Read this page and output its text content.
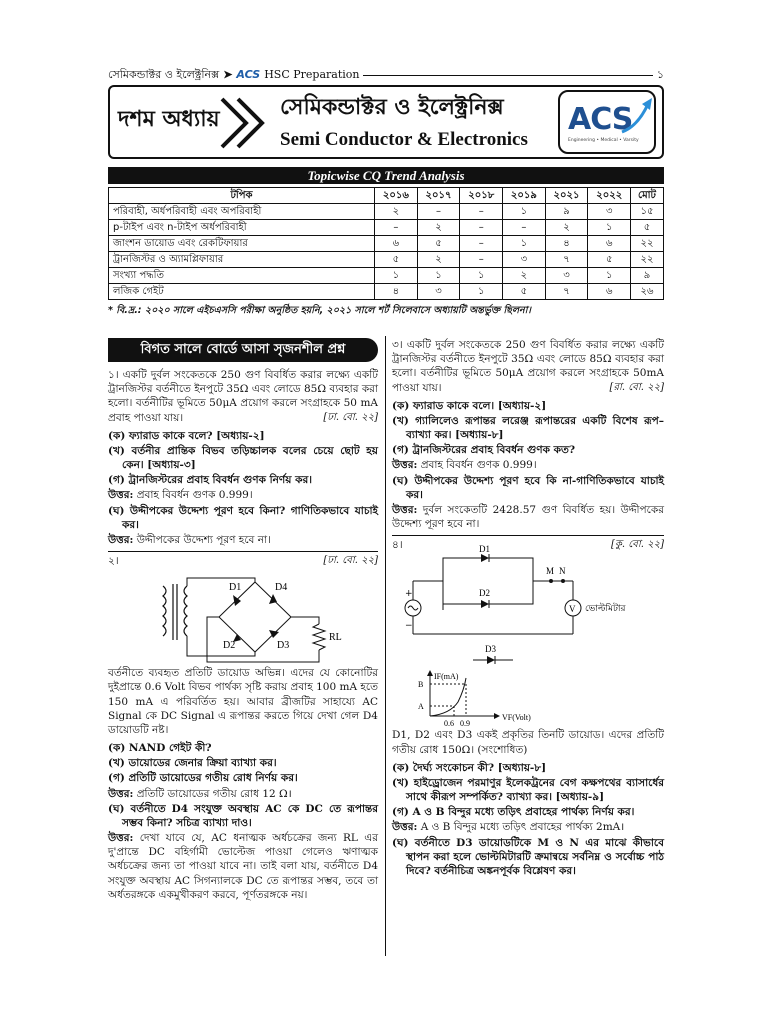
সেমিকন্ডাক্টর ও ইলেক্ট্রনিক্স ➤ ACS HSC Preparation	১
দশম অধ্যায়	সেমিকন্ডাক্টর ও ইলেক্ট্রনিক্স
Semi Conductor & Electronics
ACS
Engineering • Medical • Varsity
Topicwise CQ Trend Analysis
টপিক	২০১৬	২০১৭	২০১৮	২০১৯	২০২১	২০২২	মোট
পরিবাহী, অর্ধপরিবাহী এবং অপরিবাহী	২	–	–	১	৯	৩	১৫
p-টাইপ এবং n-টাইপ অর্ধপরিবাহী	–	২	–	–	২	১	৫
জাংশন ডায়োড এবং রেকটিফায়ার	৬	৫	–	১	৪	৬	২২
ট্রানজিস্টর ও অ্যামপ্লিফায়ার	৫	২	–	৩	৭	৫	২২
সংখ্যা পদ্ধতি	১	১	১	২	৩	১	৯
লজিক গেইট	৪	৩	১	৫	৭	৬	২৬
* বি.দ্র.: ২০২০ সালে এইচএসসি পরীক্ষা অনুষ্ঠিত হয়নি, ২০২১ সালে শর্ট সিলেবাসে অধ্যায়টি অন্তর্ভুক্ত ছিলনা।
বিগত সালে বোর্ডে আসা সৃজনশীল প্রশ্ন
১। একটি দুর্বল সংকেতকে 250 গুণ বিবর্ধিত করার লক্ষ্যে একটি ট্রানজিস্টর বর্তনীতে ইনপুটে 35Ω এবং লোডে 85Ω ব্যবহার করা হলো। বর্তনীটির ভূমিতে 50μA প্রয়োগ করলে সংগ্রাহকে 50 mA প্রবাহ পাওয়া যায়।	[ঢা. বো. ২২]
(ক) ফ্যারাড কাকে বলে? [অধ্যায়-২]
(খ) বর্তনীর প্রান্তিক বিভব তড়িচ্চালক বলের চেয়ে ছোট হয় কেন। [অধ্যায়-৩]
(গ) ট্রানজিস্টরের প্রবাহ বিবর্ধন গুণক নির্ণয় কর।
উত্তর: প্রবাহ বিবর্ধন গুণক 0.999।
(ঘ) উদ্দীপকের উদ্দেশ্য পূরণ হবে কিনা? গাণিতিকভাবে যাচাই কর।
উত্তর: উদ্দীপকের উদ্দেশ্য পূরণ হবে না।
২।	[ঢা. বো. ২২]
D1	D4
D2	D3
RL
বর্তনীতে ব্যবহৃত প্রতিটি ডায়োড অভিন্ন। এদের যে কোনোটির দুইপ্রান্তে 0.6 Volt বিভব পার্থক্য সৃষ্টি করায় প্রবাহ 100 mA হতে 150 mA এ পরিবর্তিত হয়। আবার ব্রীজটির সাহায্যে AC Signal কে DC Signal এ রূপান্তর করতে গিয়ে দেখা গেল D4 ডায়োডটি নষ্ট।
(ক) NAND গেইট কী?
(খ) ডায়োডের জেনার ক্রিয়া ব্যাখ্যা কর।
(গ) প্রতিটি ডায়োডের গতীয় রোধ নির্ণয় কর।
উত্তর: প্রতিটি ডায়োডের গতীয় রোধ 12 Ω।
(ঘ) বর্তনীতে D4 সংযুক্ত অবস্থায় AC কে DC তে রূপান্তর সম্ভব কিনা? সচিত্র ব্যাখ্যা দাও।
উত্তর: দেখা যাবে যে, AC ধনাত্মক অর্ধচক্রের জন্য RL এর দু'প্রান্তে DC বহির্গামী ভোল্টেজ পাওয়া গেলেও ঋণাত্মক অর্ধচক্রের জন্য তা পাওয়া যাবে না। তাই বলা যায়, বর্তনীতে D4 সংযুক্ত অবস্থায় AC সিগন্যালকে DC তে রূপান্তর সম্ভব, তবে তা অর্ধতরঙ্গকে একমুখীকরণ করবে, পূর্ণতরঙ্গকে নয়।
৩। একটি দুর্বল সংকেতকে 250 গুণ বিবর্ধিত করার লক্ষ্যে একটি ট্রানজিস্টর বর্তনীতে ইনপুটে 35Ω এবং লোডে 85Ω ব্যবহার করা হলো। বর্তনীটির ভূমিতে 50μA প্রয়োগ করলে সংগ্রাহকে 50mA পাওয়া যায়।	[রা. বো. ২২]
(ক) ফ্যারাড কাকে বলে। [অধ্যায়-২]
(খ) গ্যালিলেও রূপান্তর লরেঞ্জ রূপান্তরের একটি বিশেষ রূপ–ব্যাখ্যা কর। [অধ্যায়-৮]
(গ) ট্রানজিস্টরের প্রবাহ বিবর্ধন গুণক কত?
উত্তর: প্রবাহ বিবর্ধন গুণক 0.999।
(ঘ) উদ্দীপকের উদ্দেশ্য পূরণ হবে কি না-গাণিতিকভাবে যাচাই কর।
উত্তর: দুর্বল সংকেতটি 2428.57 গুণ বিবর্ধিত হয়। উদ্দীপকের উদ্দেশ্য পূরণ হবে না।
৪।	[কু. বো. ২২]
D1
D2
M N
V ভোল্টমিটার
+
−
D3
IF(mA)
VF(Volt)
B
A
0.6 0.9
D1, D2 এবং D3 একই প্রকৃতির তিনটি ডায়োড। এদের প্রতিটি গতীয় রোধ 150Ω। (সংশোধিত)
(ক) দৈর্ঘ্য সংকোচন কী? [অধ্যায়-৮]
(খ) হাইড্রোজেন পরমাণুর ইলেকট্রনের বেগ কক্ষপথের ব্যাসার্ধের সাথে কীরূপ সম্পর্কিত? ব্যাখ্যা কর। [অধ্যায়-৯]
(গ) A ও B বিন্দুর মধ্যে তড়িৎ প্রবাহের পার্থক্য নির্ণয় কর।
উত্তর: A ও B বিন্দুর মধ্যে তড়িৎ প্রবাহের পার্থক্য 2mA।
(ঘ) বর্তনীতে D3 ডায়োডটিকে M ও N এর মাঝে কীভাবে স্থাপন করা হলে ভোল্টমিটারটি ক্রমান্বয়ে সর্বনিম্ন ও সর্বোচ্চ পাঠ দিবে? বর্তনীচিত্র অঙ্কনপূর্বক বিশ্লেষণ কর।
